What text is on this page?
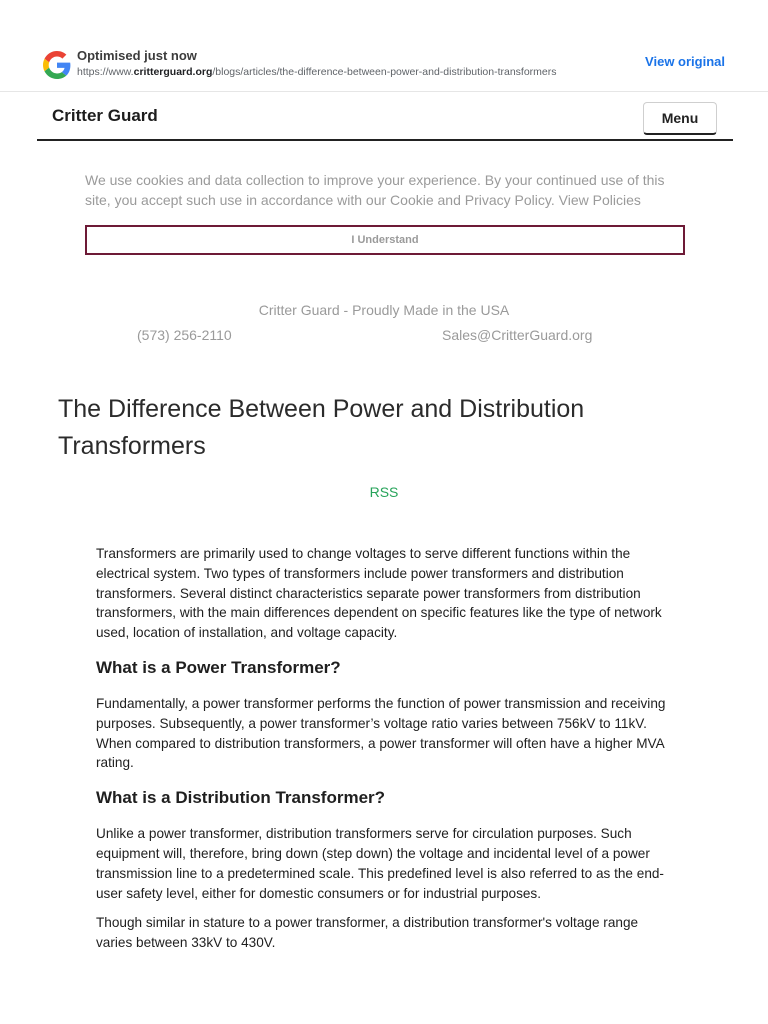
Optimised just now
https://www.critterguard.org/blogs/articles/the-difference-between-power-and-distribution-transformers
View original
Critter Guard	Menu
We use cookies and data collection to improve your experience. By your continued use of this site, you accept such use in accordance with our Cookie and Privacy Policy. View Policies
I Understand
Critter Guard - Proudly Made in the USA
(573) 256-2110	Sales@CritterGuard.org
The Difference Between Power and Distribution Transformers
RSS

Transformers are primarily used to change voltages to serve different functions within the electrical system. Two types of transformers include power transformers and distribution transformers. Several distinct characteristics separate power transformers from distribution transformers, with the main differences dependent on specific features like the type of network used, location of installation, and voltage capacity.

What is a Power Transformer?

Fundamentally, a power transformer performs the function of power transmission and receiving purposes. Subsequently, a power transformer’s voltage ratio varies between 756kV to 11kV. When compared to distribution transformers, a power transformer will often have a higher MVA rating.

What is a Distribution Transformer?

Unlike a power transformer, distribution transformers serve for circulation purposes. Such equipment will, therefore, bring down (step down) the voltage and incidental level of a power transmission line to a predetermined scale. This predefined level is also referred to as the end-user safety level, either for domestic consumers or for industrial purposes.

Though similar in stature to a power transformer, a distribution transformer's voltage range varies between 33kV to 430V.
